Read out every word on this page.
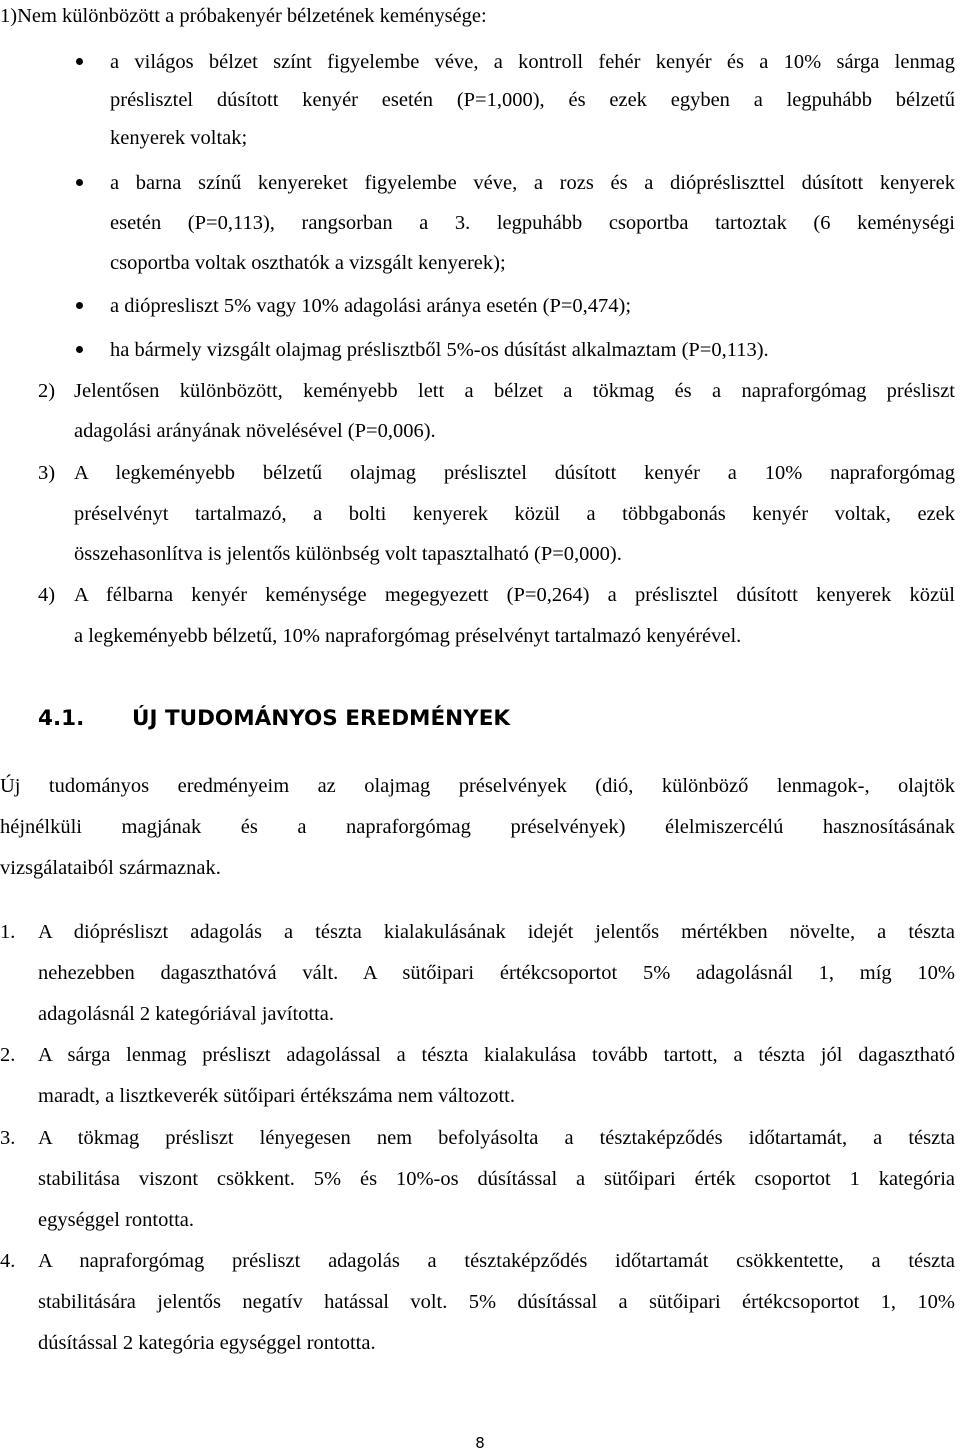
1)Nem különbözött a próbakenyér bélzetének keménysége:
a világos bélzet színt figyelembe véve, a kontroll fehér kenyér és a 10% sárga lenmag
préslisztel dúsított kenyér esetén (P=1,000), és ezek egyben a legpuhább bélzetű
kenyerek voltak;
a barna színű kenyereket figyelembe véve, a rozs és a dióprésliszttel dúsított kenyerek
esetén (P=0,113), rangsorban a 3. legpuhább csoportba tartoztak (6 keménységi
csoportba voltak oszthatók a vizsgált kenyerek);
a diópresliszt 5% vagy 10% adagolási aránya esetén (P=0,474);
ha bármely vizsgált olajmag préslisztből 5%-os dúsítást alkalmaztam (P=0,113).
2) Jelentősen különbözött, keményebb lett a bélzet a tökmag és a napraforgómag présliszt
adagolási arányának növelésével (P=0,006).
3) A legkeményebb bélzetű olajmag préslisztel dúsított kenyér a 10% napraforgómag
préselvényt tartalmazó, a bolti kenyerek közül a többgabonás kenyér voltak, ezek
összehasonlítva is jelentős különbség volt tapasztalható (P=0,000).
4) A félbarna kenyér keménysége megegyezett (P=0,264) a préslisztel dúsított kenyerek közül
a legkeményebb bélzetű, 10% napraforgómag préselvényt tartalmazó kenyérével.
4.1. ÚJ TUDOMÁNYOS EREDMÉNYEK
Új tudományos eredményeim az olajmag préselvények (dió, különböző lenmagok-, olajtök
héjnélküli magjának és a napraforgómag préselvények) élelmiszercélú hasznosításának
vizsgálataiból származnak.
1. A dióprésliszt adagolás a tészta kialakulásának idejét jelentős mértékben növelte, a tészta
nehezebben dagaszthatóvá vált. A sütőipari értékcsoportot 5% adagolásnál 1, míg 10%
adagolásnál 2 kategóriával javította.
2. A sárga lenmag présliszt adagolással a tészta kialakulása tovább tartott, a tészta jól dagasztható
maradt, a lisztkeverék sütőipari értékszáma nem változott.
3. A tökmag présliszt lényegesen nem befolyásolta a tésztaképződés időtartamát, a tészta
stabilitása viszont csökkent. 5% és 10%-os dúsítással a sütőipari érték csoportot 1 kategória
egységgel rontotta.
4. A napraforgómag présliszt adagolás a tésztaképződés időtartamát csökkentette, a tészta
stabilitására jelentős negatív hatással volt. 5% dúsítással a sütőipari értékcsoportot 1, 10%
dúsítással 2 kategória egységgel rontotta.
8
